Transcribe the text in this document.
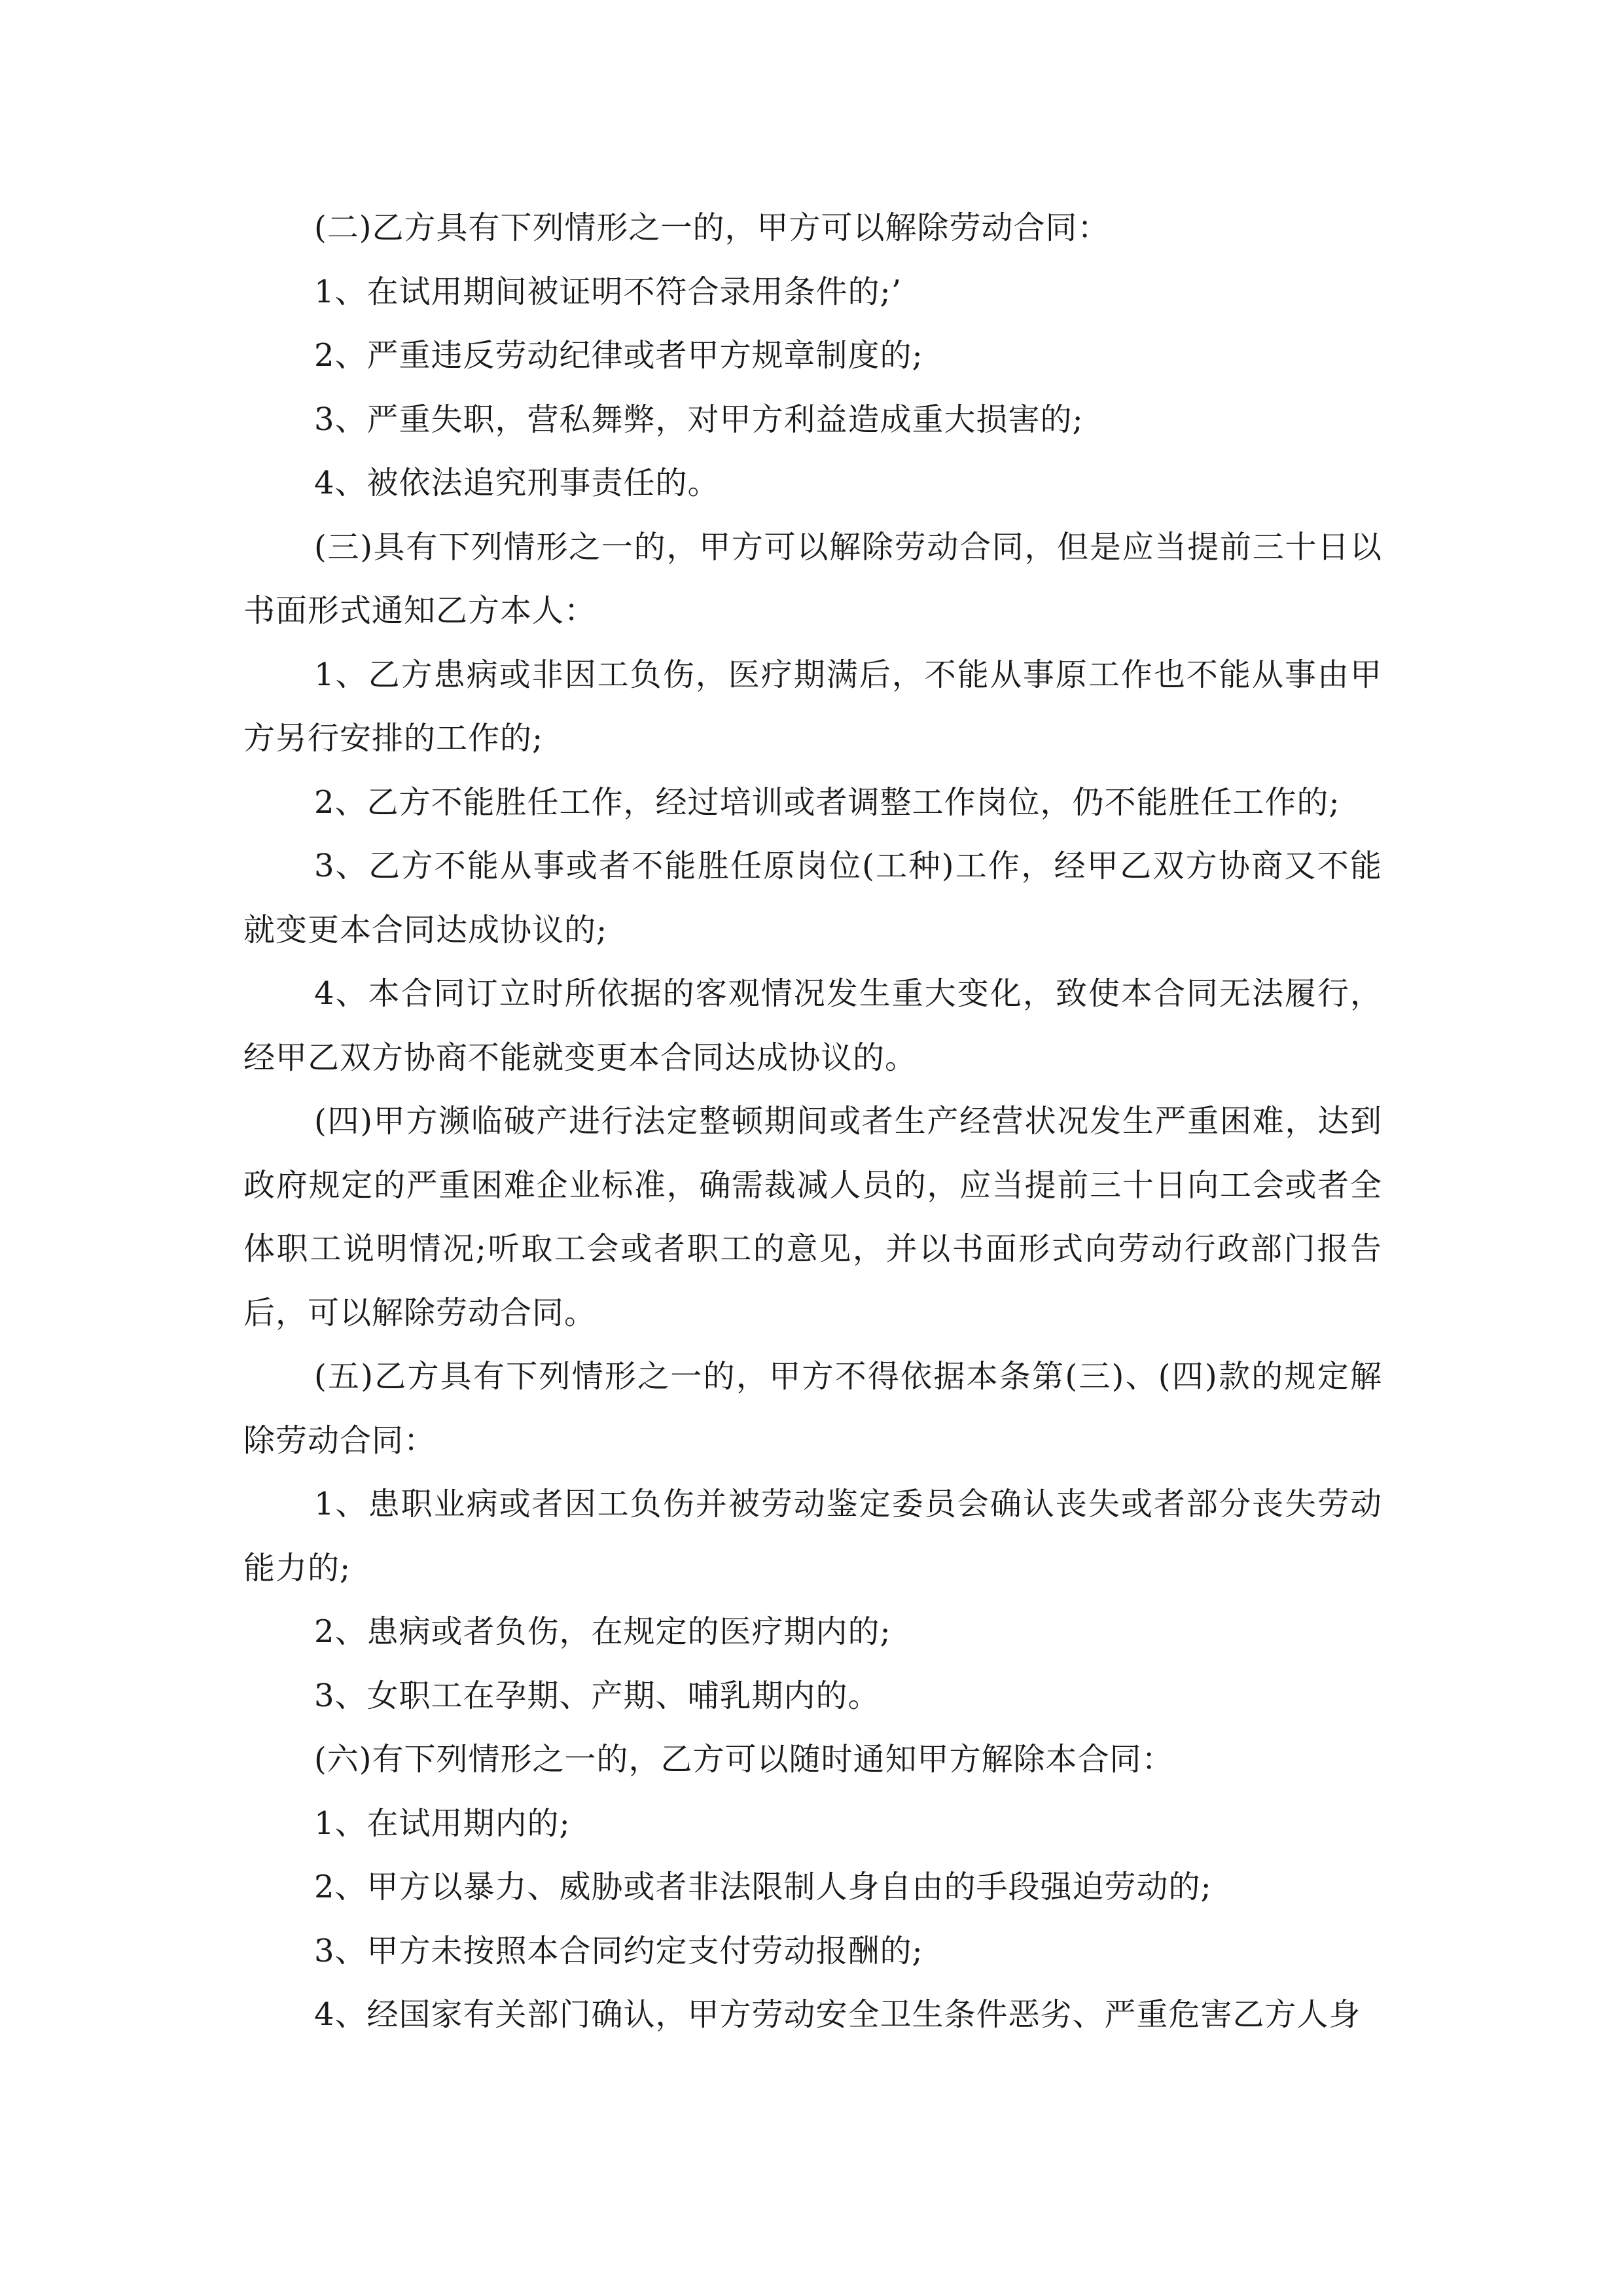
(二)乙方具有下列情形之一的，甲方可以解除劳动合同：

1、在试用期间被证明不符合录用条件的;’

2、严重违反劳动纪律或者甲方规章制度的;

3、严重失职，营私舞弊，对甲方利益造成重大损害的;

4、被依法追究刑事责任的。

(三)具有下列情形之一的，甲方可以解除劳动合同，但是应当提前三十日以书面形式通知乙方本人：

1、乙方患病或非因工负伤，医疗期满后，不能从事原工作也不能从事由甲方另行安排的工作的;

2、乙方不能胜任工作，经过培训或者调整工作岗位，仍不能胜任工作的;

3、乙方不能从事或者不能胜任原岗位(工种)工作，经甲乙双方协商又不能就变更本合同达成协议的;

4、本合同订立时所依据的客观情况发生重大变化，致使本合同无法履行，经甲乙双方协商不能就变更本合同达成协议的。

(四)甲方濒临破产进行法定整顿期间或者生产经营状况发生严重困难，达到政府规定的严重困难企业标准，确需裁减人员的，应当提前三十日向工会或者全体职工说明情况;听取工会或者职工的意见，并以书面形式向劳动行政部门报告后，可以解除劳动合同。

(五)乙方具有下列情形之一的，甲方不得依据本条第(三)、(四)款的规定解除劳动合同：

1、患职业病或者因工负伤并被劳动鉴定委员会确认丧失或者部分丧失劳动能力的;

2、患病或者负伤，在规定的医疗期内的;

3、女职工在孕期、产期、哺乳期内的。

(六)有下列情形之一的，乙方可以随时通知甲方解除本合同：

1、在试用期内的;

2、甲方以暴力、威胁或者非法限制人身自由的手段强迫劳动的;

3、甲方未按照本合同约定支付劳动报酬的;

4、经国家有关部门确认，甲方劳动安全卫生条件恶劣、严重危害乙方人身
